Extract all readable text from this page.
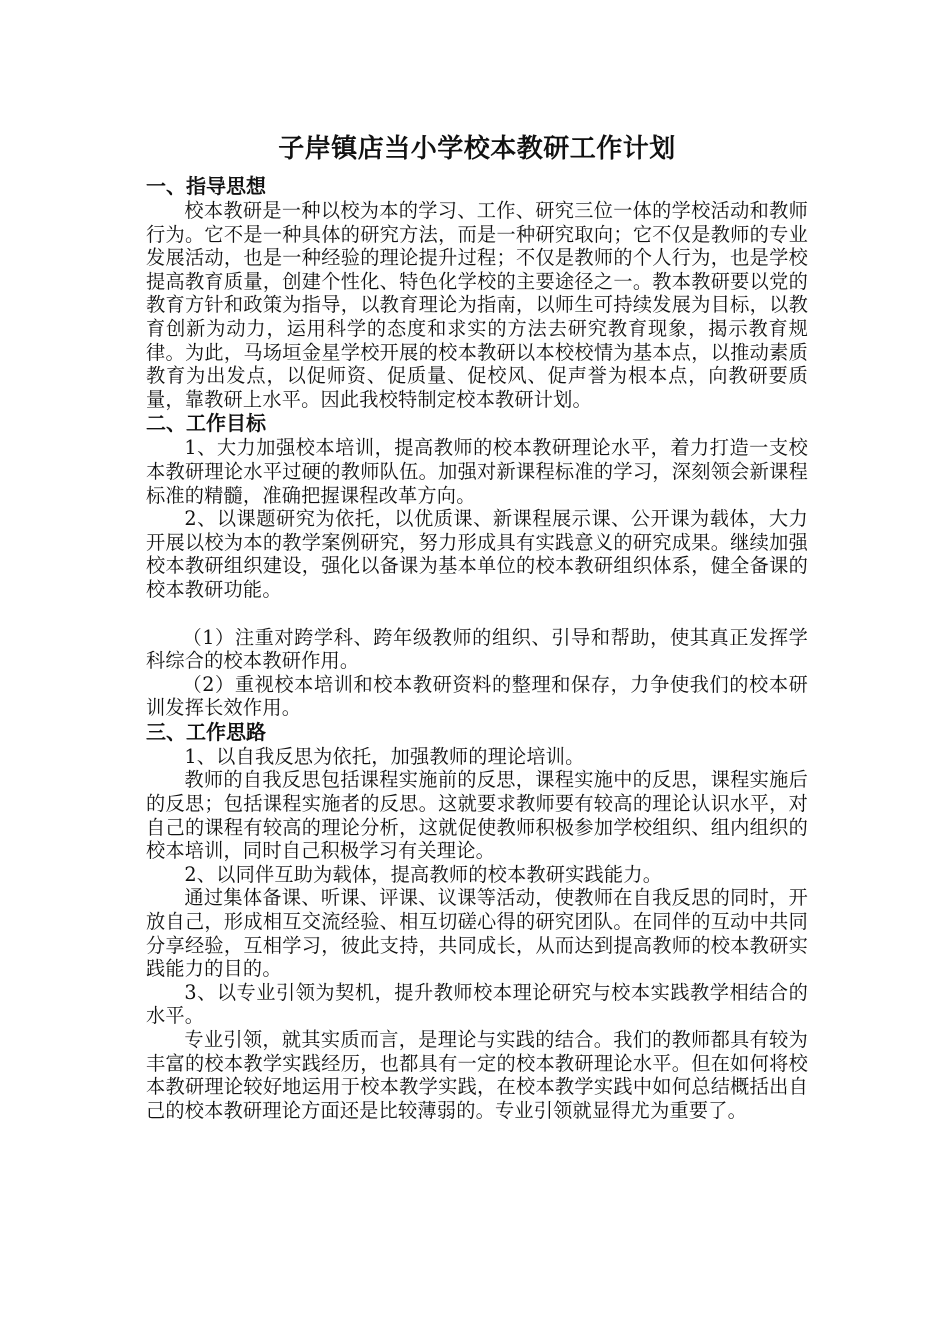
子岸镇店当小学校本教研工作计划
一、指导思想

校本教研是一种以校为本的学习、工作、研究三位一体的学校活动和教师行为。它不是一种具体的研究方法，而是一种研究取向；它不仅是教师的专业发展活动，也是一种经验的理论提升过程；不仅是教师的个人行为，也是学校提高教育质量，创建个性化、特色化学校的主要途径之一。教本教研要以党的教育方针和政策为指导，以教育理论为指南，以师生可持续发展为目标，以教育创新为动力，运用科学的态度和求实的方法去研究教育现象，揭示教育规律。为此，马场垣金星学校开展的校本教研以本校校情为基本点，以推动素质教育为出发点，以促师资、促质量、促校风、促声誉为根本点，向教研要质量，靠教研上水平。因此我校特制定校本教研计划。

二、工作目标

1、大力加强校本培训，提高教师的校本教研理论水平，着力打造一支校本教研理论水平过硬的教师队伍。加强对新课程标准的学习，深刻领会新课程标准的精髓，准确把握课程改革方向。

2、以课题研究为依托，以优质课、新课程展示课、公开课为载体，大力开展以校为本的教学案例研究，努力形成具有实践意义的研究成果。继续加强校本教研组织建设，强化以备课为基本单位的校本教研组织体系，健全备课的校本教研功能。

（1）注重对跨学科、跨年级教师的组织、引导和帮助，使其真正发挥学科综合的校本教研作用。

（2）重视校本培训和校本教研资料的整理和保存，力争使我们的校本研训发挥长效作用。

三、工作思路

1、以自我反思为依托，加强教师的理论培训。

教师的自我反思包括课程实施前的反思，课程实施中的反思，课程实施后的反思；包括课程实施者的反思。这就要求教师要有较高的理论认识水平，对自己的课程有较高的理论分析，这就促使教师积极参加学校组织、组内组织的校本培训，同时自己积极学习有关理论。

2、以同伴互助为载体，提高教师的校本教研实践能力。

通过集体备课、听课、评课、议课等活动，使教师在自我反思的同时，开放自己，形成相互交流经验、相互切磋心得的研究团队。在同伴的互动中共同分享经验，互相学习，彼此支持，共同成长，从而达到提高教师的校本教研实践能力的目的。

3、以专业引领为契机，提升教师校本理论研究与校本实践教学相结合的水平。

专业引领，就其实质而言，是理论与实践的结合。我们的教师都具有较为丰富的校本教学实践经历，也都具有一定的校本教研理论水平。但在如何将校本教研理论较好地运用于校本教学实践，在校本教学实践中如何总结概括出自己的校本教研理论方面还是比较薄弱的。专业引领就显得尤为重要了。
